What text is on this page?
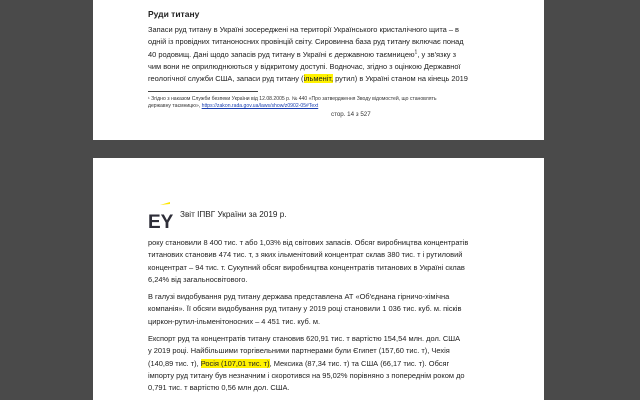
Руди титану
Запаси руд титану в Україні зосереджені на території Українського кристалічного щита – в
одній із провідних титаноносних провінцій світу. Сировинна база руд титану включає понад
40 родовищ. Дані щодо запасів руд титану в Україні є державною таємницею$^1$, у зв'язку з
чим вони не оприлюднюються у відкритому доступі. Водночас, згідно з оцінкою Державної
геологічної служби США, запаси руд титану (ільменіт, рутил) в Україні станом на кінець 2019
¹ Згідно з наказом Служби безпеки України від 12.08.2005 р. № 440 «Про затвердження Зводу відомостей, що становлять
державну таємницю», https://zakon.rada.gov.ua/laws/show/z0902-05#Text
стор. 14 з 527
EY Звіт ІПВГ України за 2019 р.
року становили 8 400 тис. т або 1,03% від світових запасів. Обсяг виробництва концентратів
титанових становив 474 тис. т, з яких ільменітовий концентрат склав 380 тис. т і рутиловий
концентрат – 94 тис. т. Сукупний обсяг виробництва концентратів титанових в Україні склав
6,24% від загальносвітового.
В галузі видобування руд титану держава представлена АТ «Об'єднана гірничо-хімічна
компанія». Її обсяги видобування руд титану у 2019 році становили 1 036 тис. куб. м. пісків
циркон-рутил-ільменітоносних – 4 451 тис. куб. м.
Експорт руд та концентратів титану становив 620,91 тис. т вартістю 154,54 млн. дол. США
у 2019 році. Найбільшими торгівельними партнерами були Єгипет (157,60 тис. т), Чехія
(140,89 тис. т), Росія (107,01 тис. т), Мексика (87,34 тис. т) та США (66,17 тис. т). Обсяг
імпорту руд титану був незначним і скоротився на 95,02% порівняно з попереднім роком до
0,791 тис. т вартістю 0,56 млн дол. США.
